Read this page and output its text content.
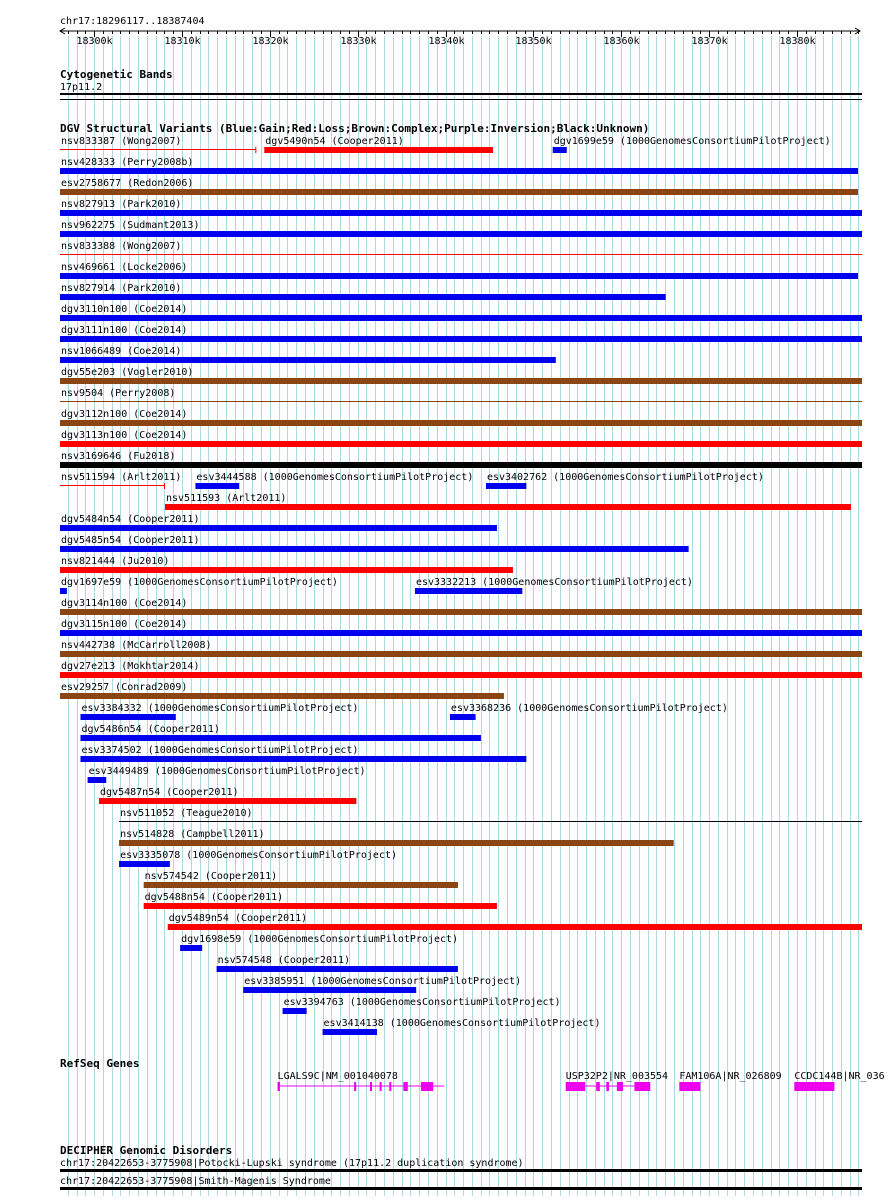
chr17:18296117..18387404
18300k	18310k	18320k	18330k	18340k	18350k	18360k	18370k	18380k
Cytogenetic Bands
17p11.2
DGV Structural Variants (Blue:Gain;Red:Loss;Brown:Complex;Purple:Inversion;Black:Unknown)
nsv833387 (Wong2007)	dgv5490n54 (Cooper2011)	dgv1699e59 (1000GenomesConsortiumPilotProject)
nsv428333 (Perry2008b)
esv2758677 (Redon2006)
nsv827913 (Park2010)
nsv962275 (Sudmant2013)
nsv833388 (Wong2007)
nsv469661 (Locke2006)
nsv827914 (Park2010)
dgv3110n100 (Coe2014)
dgv3111n100 (Coe2014)
nsv1066489 (Coe2014)
dgv55e203 (Vogler2010)
nsv9504 (Perry2008)
dgv3112n100 (Coe2014)
dgv3113n100 (Coe2014)
nsv3169646 (Fu2018)
nsv511594 (Arlt2011) esv3444588 (1000GenomesConsortiumPilotProject) esv3402762 (1000GenomesConsortiumPilotProject)
nsv511593 (Arlt2011)
dgv5484n54 (Cooper2011)
dgv5485n54 (Cooper2011)
nsv821444 (Ju2010)
dgv1697e59 (1000GenomesConsortiumPilotProject)	esv3332213 (1000GenomesConsortiumPilotProject)
dgv3114n100 (Coe2014)
dgv3115n100 (Coe2014)
nsv442738 (McCarroll2008)
dgv27e213 (Mokhtar2014)
esv29257 (Conrad2009)
esv3384332 (1000GenomesConsortiumPilotProject)	esv3368236 (1000GenomesConsortiumPilotProject)
dgv5486n54 (Cooper2011)
esv3374502 (1000GenomesConsortiumPilotProject)
esv3449489 (1000GenomesConsortiumPilotProject)
dgv5487n54 (Cooper2011)
nsv511052 (Teague2010)
nsv514828 (Campbell2011)
esv3335078 (1000GenomesConsortiumPilotProject)
nsv574542 (Cooper2011)
dgv5488n54 (Cooper2011)
dgv5489n54 (Cooper2011)
dgv1698e59 (1000GenomesConsortiumPilotProject)
nsv574548 (Cooper2011)
esv3385951 (1000GenomesConsortiumPilotProject)
esv3394763 (1000GenomesConsortiumPilotProject)
esv3414138 (1000GenomesConsortiumPilotProject)
RefSeq Genes
LGALS9C|NM_001040078	USP32P2|NR_003554 FAM106A|NR_026809 CCDC144B|NR_036
DECIPHER Genomic Disorders
chr17:20422653-3775908|Potocki-Lupski syndrome (17p11.2 duplication syndrome)
chr17:20422653-3775908|Smith-Magenis Syndrome
